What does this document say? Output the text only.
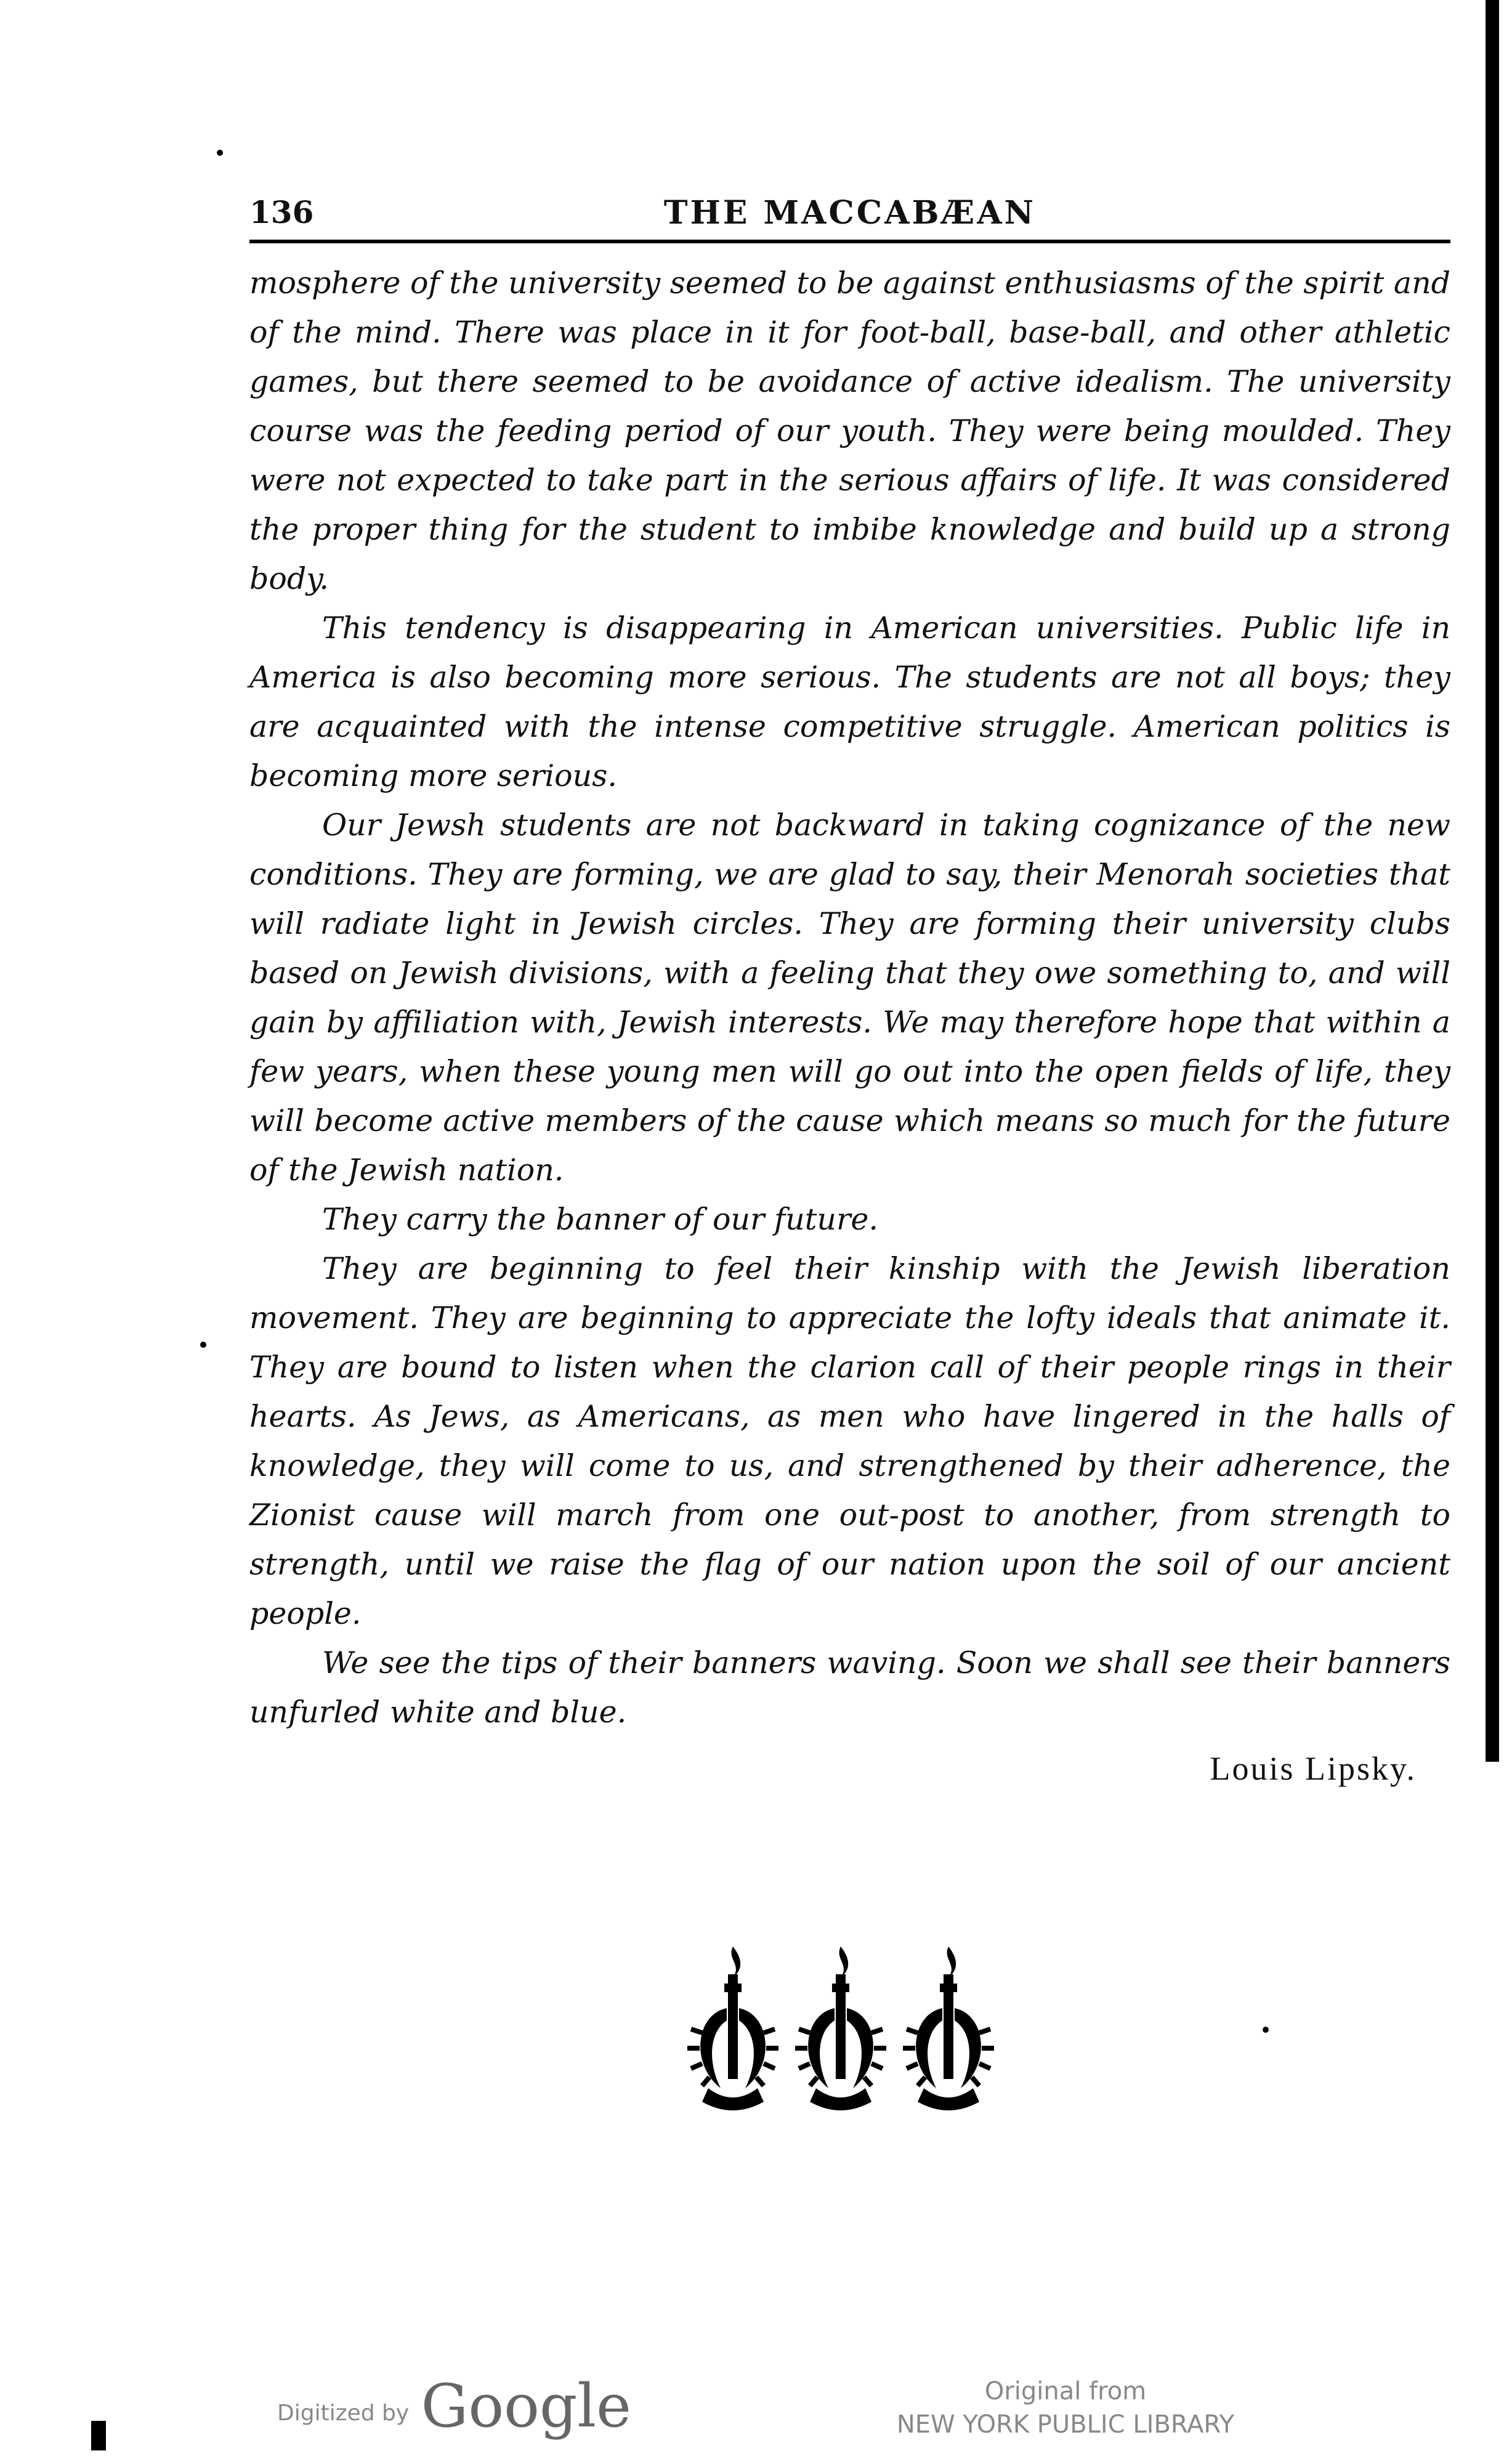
136	THE MACCABÆAN

mosphere of the university seemed to be against enthusiasms of the spirit and of the mind. There was place in it for foot-ball, base-ball, and other athletic games, but there seemed to be avoidance of active idealism. The university course was the feeding period of our youth. They were being moulded. They were not expected to take part in the serious affairs of life. It was considered the proper thing for the student to imbibe knowledge and build up a strong body.

This tendency is disappearing in American universities. Public life in America is also becoming more serious. The students are not all boys; they are acquainted with the intense competitive struggle. American politics is becoming more serious.

Our Jewsh students are not backward in taking cognizance of the new conditions. They are forming, we are glad to say, their Menorah societies that will radiate light in Jewish circles. They are forming their university clubs based on Jewish divisions, with a feeling that they owe something to, and will gain by affiliation with, Jewish interests. We may therefore hope that within a few years, when these young men will go out into the open fields of life, they will become active members of the cause which means so much for the future of the Jewish nation.

They carry the banner of our future.

They are beginning to feel their kinship with the Jewish liberation movement. They are beginning to appreciate the lofty ideals that animate it. They are bound to listen when the clarion call of their people rings in their hearts. As Jews, as Americans, as men who have lingered in the halls of knowledge, they will come to us, and strengthened by their adherence, the Zionist cause will march from one out-post to another, from strength to strength, until we raise the flag of our nation upon the soil of our ancient people.

We see the tips of their banners waving. Soon we shall see their banners unfurled white and blue.

Louis Lipsky.
Digitized by Google	Original from
NEW YORK PUBLIC LIBRARY
